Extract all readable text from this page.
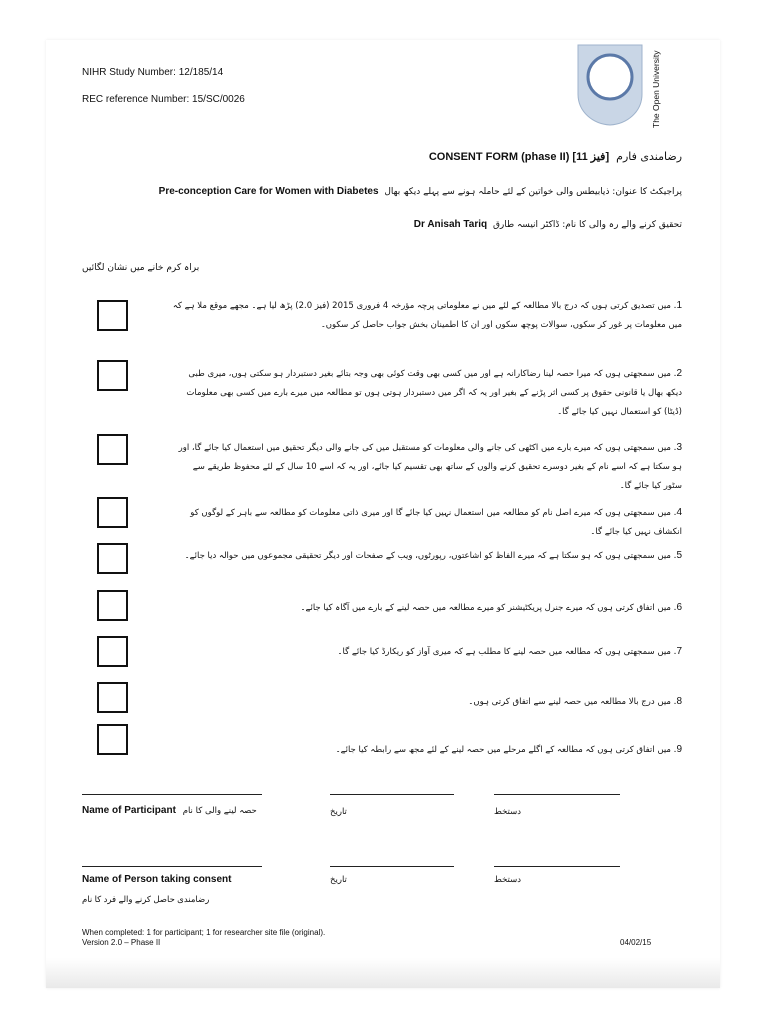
NIHR Study Number: 12/185/14
REC reference Number: 15/SC/0026	The Open University
CONSENT FORM (phase II) [فیز 11] رضامندی فارم
Pre-conception Care for Women with Diabetes پراجیکٹ کا عنوان: ذیابیطس والی خواتین کے لئے حاملہ ہونے سے پہلے دیکھ بھال
Dr Anisah Tariq تحقیق کرنے والے رہ والی کا نام: ڈاکٹر انیسہ طارق
براہ کرم خانے میں نشان لگائیں
1. میں تصدیق کرتی ہوں کہ درج بالا مطالعہ کے لئے میں نے معلوماتی پرچہ مؤرخہ 4 فروری 2015 (فیز 2.0) پڑھ لیا ہے۔ مجھے موقع ملا ہے کہ میں معلومات پر غور کر سکوں، سوالات پوچھ سکوں اور ان کا اطمینان بخش جواب حاصل کر سکوں۔
2. میں سمجھتی ہوں کہ میرا حصہ لینا رضاکارانہ ہے اور میں کسی بھی وقت کوئی بھی وجہ بتائے بغیر دستبردار ہو سکتی ہوں، میری طبی دیکھ بھال یا قانونی حقوق پر کسی اثر پڑنے کے بغیر اور یہ کہ اگر میں دستبردار ہوتی ہوں تو مطالعہ میں میرے بارے میں کسی بھی معلومات (ڈیٹا) کو استعمال نہیں کیا جائے گا۔
3. میں سمجھتی ہوں کہ میرے بارے میں اکٹھی کی جانے والی معلومات کو مستقبل میں کی جانے والی دیگر تحقیق میں استعمال کیا جائے گا، اور ہو سکتا ہے کہ اسے نام کے بغیر دوسرے تحقیق کرنے والوں کے ساتھ بھی تقسیم کیا جائے، اور یہ کہ اسے 10 سال کے لئے محفوظ طریقے سے سٹور کیا جائے گا۔
4. میں سمجھتی ہوں کہ میرے اصل نام کو مطالعہ میں استعمال نہیں کیا جائے گا اور میری ذاتی معلومات کو مطالعہ سے باہر کے لوگوں کو انکشاف نہیں کیا جائے گا۔
5. میں سمجھتی ہوں کہ ہو سکتا ہے کہ میرے الفاظ کو اشاعتوں، رپورٹوں، ویب کے صفحات اور دیگر تحقیقی مجموعوں میں حوالہ دیا جائے۔
6. میں اتفاق کرتی ہوں کہ میرے جنرل پریکٹیشنر کو میرے مطالعہ میں حصہ لینے کے بارے میں آگاہ کیا جائے۔
7. میں سمجھتی ہوں کہ مطالعہ میں حصہ لینے کا مطلب ہے کہ میری آواز کو ریکارڈ کیا جائے گا۔
8. میں درج بالا مطالعہ میں حصہ لینے سے اتفاق کرتی ہوں۔
9. میں اتفاق کرتی ہوں کہ مطالعہ کے اگلے مرحلے میں حصہ لینے کے لئے مجھ سے رابطہ کیا جائے۔
Name of Participant حصہ لینے والی کا نام	تاریخ	دستخط
Name of Person taking consent
رضامندی حاصل کرنے والے فرد کا نام
تاریخ	دستخط
When completed: 1 for participant; 1 for researcher site file (original).
Version 2.0 – Phase II	04/02/15
